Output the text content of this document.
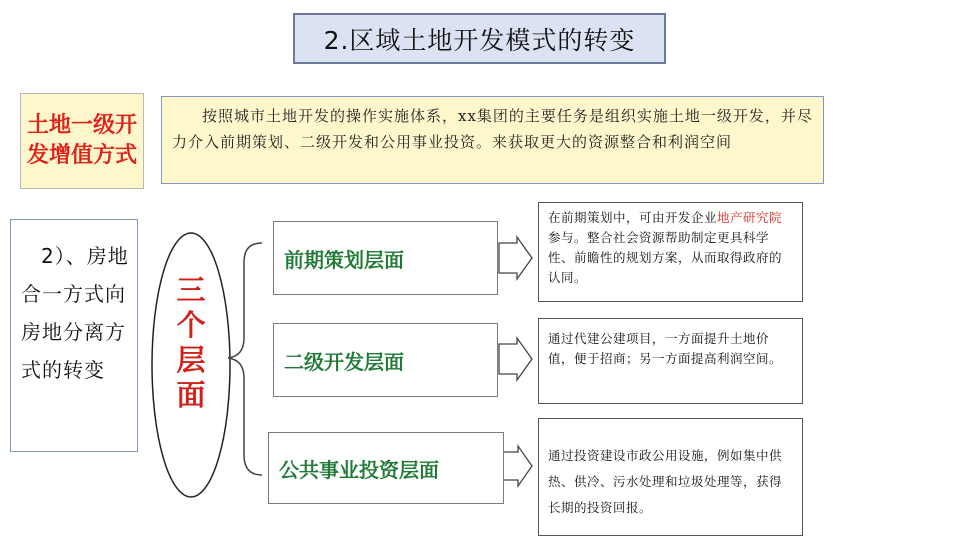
2.区域土地开发模式的转变
土地一级开发增值方式
按照城市土地开发的操作实施体系，xx集团的主要任务是组织实施土地一级开发，并尽力介入前期策划、二级开发和公用事业投资。来获取更大的资源整合和利润空间
2）、房地合一方式向房地分离方式的转变
三个层面
前期策划层面
二级开发层面
公共事业投资层面
在前期策划中，可由开发企业地产研究院参与。整合社会资源帮助制定更具科学性、前瞻性的规划方案，从而取得政府的认同。
通过代建公建项目，一方面提升土地价值，便于招商；另一方面提高利润空间。
通过投资建设市政公用设施，例如集中供热、供冷、污水处理和垃圾处理等，获得长期的投资回报。
